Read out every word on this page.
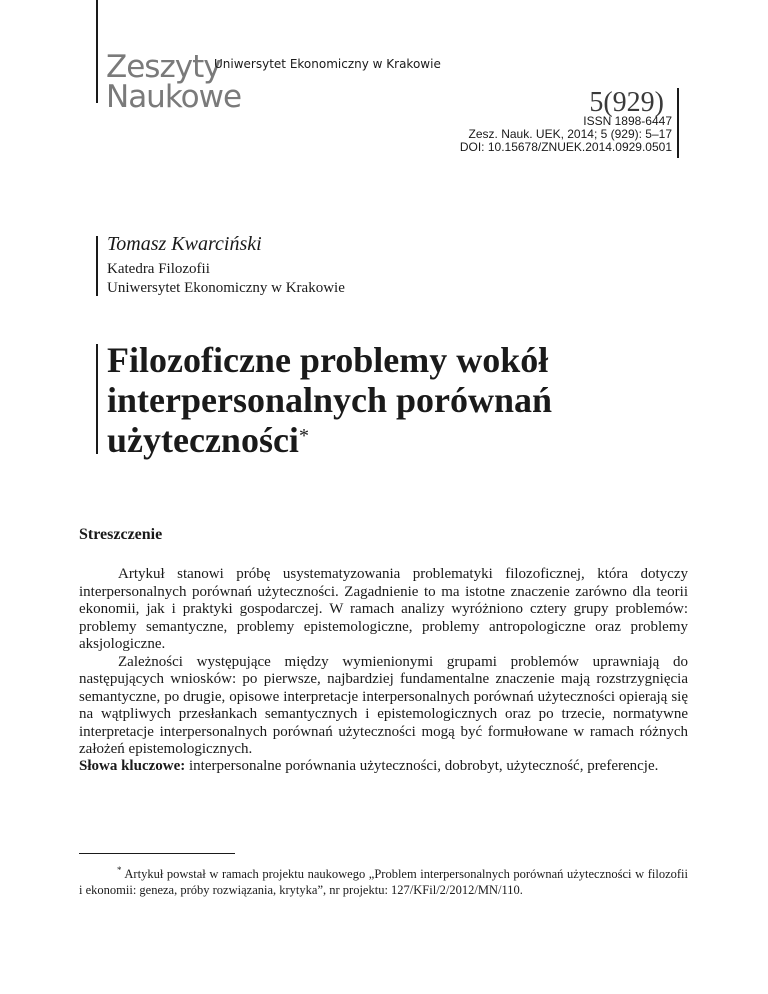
Zeszyty
Naukowe
Uniwersytet Ekonomiczny w Krakowie
5(929)
ISSN 1898-6447
Zesz. Nauk. UEK, 2014; 5 (929): 5–17
DOI: 10.15678/ZNUEK.2014.0929.0501
Tomasz Kwarciński
Katedra Filozofii
Uniwersytet Ekonomiczny w Krakowie
Filozoficzne problemy wokół interpersonalnych porównań użyteczności*
Streszczenie

Artykuł stanowi próbę usystematyzowania problematyki filozoficznej, która dotyczy interpersonalnych porównań użyteczności. Zagadnienie to ma istotne znaczenie zarówno dla teorii ekonomii, jak i praktyki gospodarczej. W ramach analizy wyróżniono cztery grupy problemów: problemy semantyczne, problemy epistemologiczne, problemy antropologiczne oraz problemy aksjologiczne.

Zależności występujące między wymienionymi grupami problemów uprawniają do następujących wniosków: po pierwsze, najbardziej fundamentalne znaczenie mają rozstrzygnięcia semantyczne, po drugie, opisowe interpretacje interpersonalnych porównań użyteczności opierają się na wątpliwych przesłankach semantycznych i epistemologicznych oraz po trzecie, normatywne interpretacje interpersonalnych porównań użyteczności mogą być formułowane w ramach różnych założeń epistemologicznych.

Słowa kluczowe: interpersonalne porównania użyteczności, dobrobyt, użyteczność, preferencje.

* Artykuł powstał w ramach projektu naukowego „Problem interpersonalnych porównań użyteczności w filozofii i ekonomii: geneza, próby rozwiązania, krytyka”, nr projektu: 127/KFil/2/2012/MN/110.
